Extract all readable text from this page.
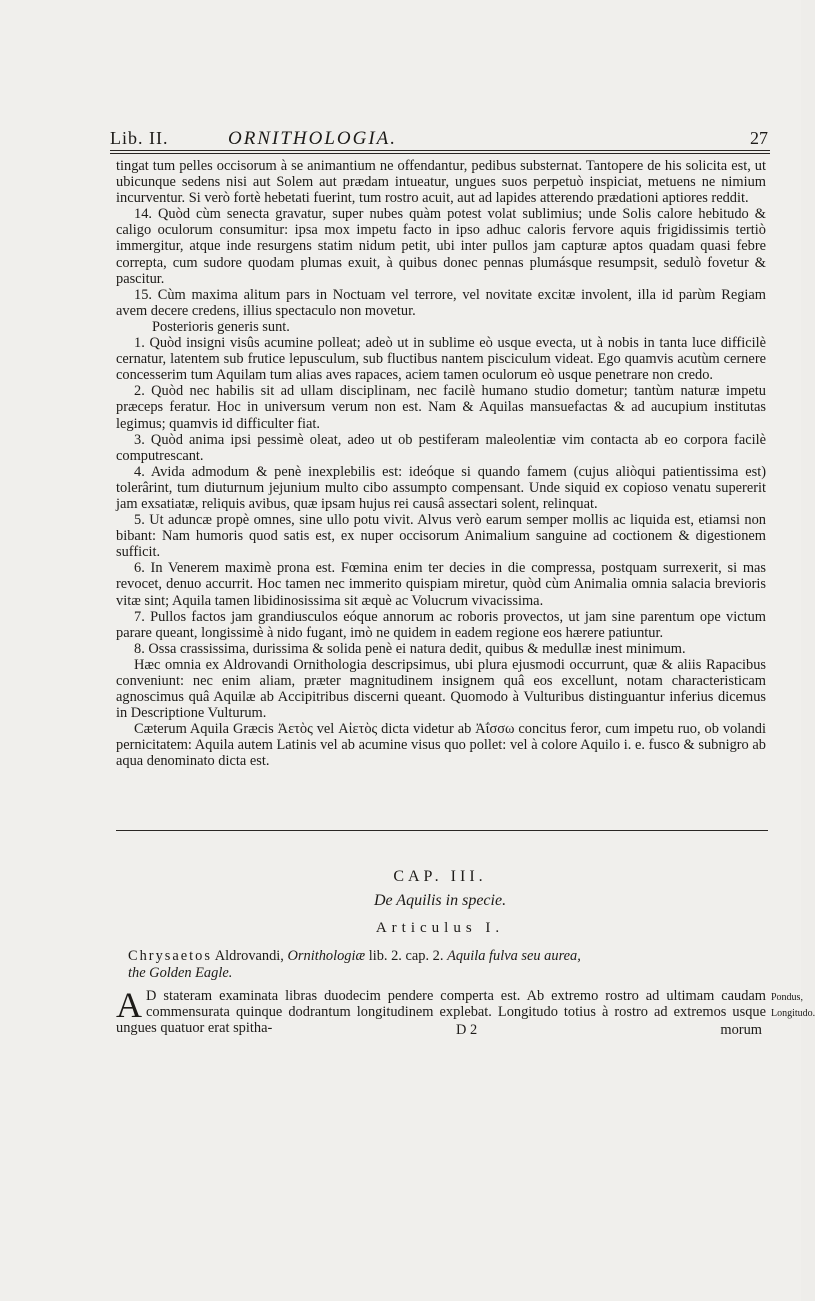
Lib. II.	ORNITHOLOGIA.	27

tingat tum pelles occisorum à se animantium ne offendantur, pedibus substernat. Tantopere de his solicita est, ut ubicunque sedens nisi aut Solem aut prædam intueatur, ungues suos perpetuò inspiciat, metuens ne nimium incurventur. Si verò fortè hebetati fuerint, tum rostro acuit, aut ad lapides atterendo prædationi aptiores reddit.

14. Quòd cùm senecta gravatur, super nubes quàm potest volat sublimius; unde Solis calore hebitudo & caligo oculorum consumitur: ipsa mox impetu facto in ipso adhuc caloris fervore aquis frigidissimis tertiò immergitur, atque inde resurgens statim nidum petit, ubi inter pullos jam capturæ aptos quadam quasi febre correpta, cum sudore quodam plumas exuit, à quibus donec pennas plumásque resumpsit, sedulò fovetur & pascitur.

15. Cùm maxima alitum pars in Noctuam vel terrore, vel novitate excitæ involent, illa id parùm Regiam avem decere credens, illius spectaculo non movetur.

Posterioris generis sunt.

1. Quòd insigni visûs acumine polleat; adeò ut in sublime eò usque evecta, ut à nobis in tanta luce difficilè cernatur, latentem sub frutice lepusculum, sub fluctibus nantem pisciculum videat. Ego quamvis acutùm cernere concesserim tum Aquilam tum alias aves rapaces, aciem tamen oculorum eò usque penetrare non credo.

2. Quòd nec habilis sit ad ullam disciplinam, nec facilè humano studio dometur; tantùm naturæ impetu præceps feratur. Hoc in universum verum non est. Nam & Aquilas mansuefactas & ad aucupium institutas legimus; quamvis id difficulter fiat.

3. Quòd anima ipsi pessimè oleat, adeo ut ob pestiferam maleolentiæ vim contacta ab eo corpora facilè computrescant.

4. Avida admodum & penè inexplebilis est: ideóque si quando famem (cujus aliòqui patientissima est) tolerârint, tum diuturnum jejunium multo cibo assumpto compensant. Unde siquid ex copioso venatu supererit jam exsatiatæ, reliquis avibus, quæ ipsam hujus rei causâ assectari solent, relinquat.

5. Ut aduncæ propè omnes, sine ullo potu vivit. Alvus verò earum semper mollis ac liquida est, etiamsi non bibant: Nam humoris quod satis est, ex nuper occisorum Animalium sanguine ad coctionem & digestionem sufficit.

6. In Venerem maximè prona est. Fœmina enim ter decies in die compressa, postquam surrexerit, si mas revocet, denuo accurrit. Hoc tamen nec immerito quispiam miretur, quòd cùm Animalia omnia salacia brevioris vitæ sint; Aquila tamen libidinosissima sit æquè ac Volucrum vivacissima.

7. Pullos factos jam grandiusculos eóque annorum ac roboris provectos, ut jam sine parentum ope victum parare queant, longissimè à nido fugant, imò ne quidem in eadem regione eos hærere patiuntur.

8. Ossa crassissima, durissima & solida penè ei natura dedit, quibus & medullæ inest minimum.

Hæc omnia ex Aldrovandi Ornithologia descripsimus, ubi plura ejusmodi occurrunt, quæ & aliis Rapacibus conveniunt: nec enim aliam, præter magnitudinem insignem quâ eos excellunt, notam characteristicam agnoscimus quâ Aquilæ ab Accipitribus discerni queant. Quomodo à Vulturibus distinguantur inferius dicemus in Descriptione Vulturum.

Cæterum Aquila Græcis Ἀετὸς vel Αἰετὸς dicta videtur ab Ἀΐσσω concitus feror, cum impetu ruo, ob volandi pernicitatem: Aquila autem Latinis vel ab acumine visus quo pollet: vel à colore Aquilo i. e. fusco & subnigro ab aqua denominato dicta est.

CAP. III.
De Aquilis in specie.
Articulus I.
Chrysaetos Aldrovandi, Ornithologiæ lib. 2. cap. 2. Aquila fulva seu aurea,
the Golden Eagle.
A D stateram examinata libras duodecim pendere comperta est. Ab extremo rostro ad ultimam caudam commensurata quinque dodrantum longitudinem explebat. Longitudo totius à rostro ad extremos usque ungues quatuor erat spitha-
Pondus,
Longitudo.
D 2	morum
